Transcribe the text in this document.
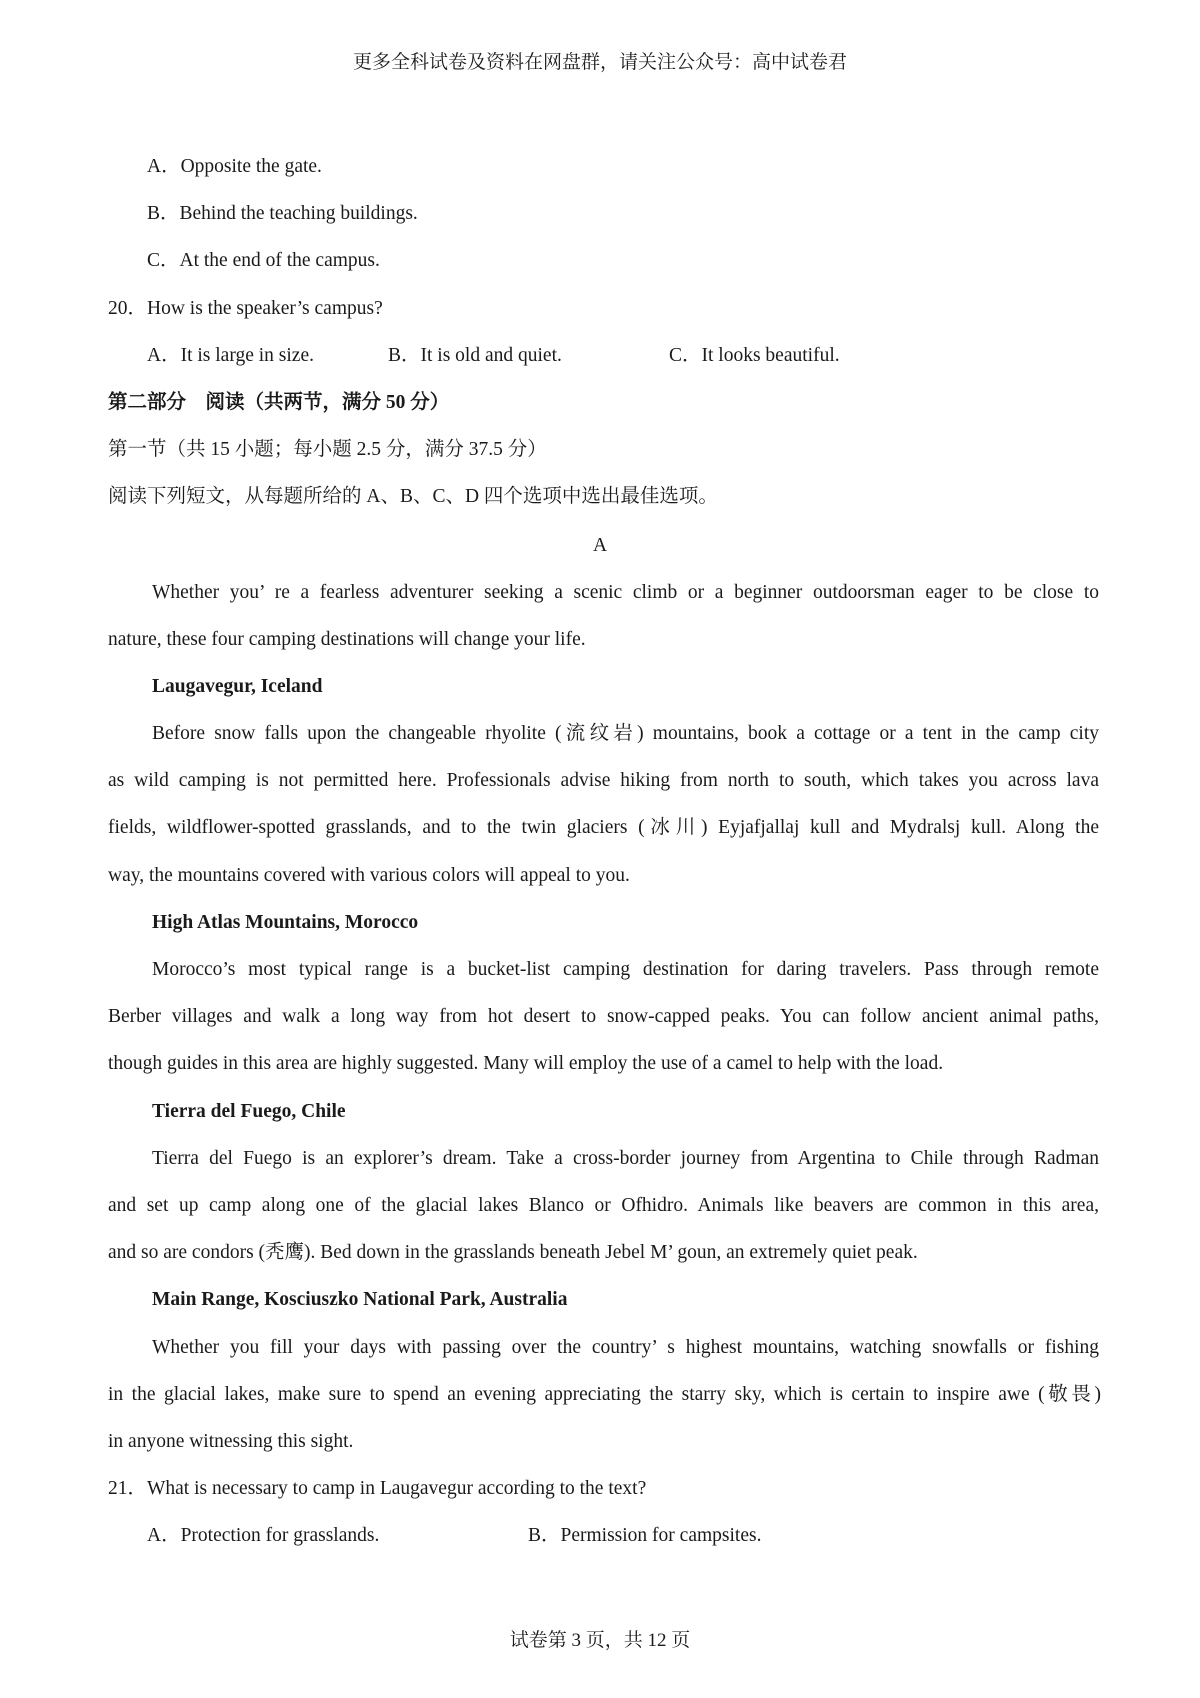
更多全科试卷及资料在网盘群，请关注公众号：高中试卷君
A．Opposite the gate.
B．Behind the teaching buildings.
C．At the end of the campus.
20．How is the speaker’s campus?
A．It is large in size.	B．It is old and quiet.	C．It looks beautiful.
第二部分　阅读（共两节，满分 50 分）
第一节（共 15 小题；每小题 2.5 分，满分 37.5 分）
阅读下列短文，从每题所给的 A、B、C、D 四个选项中选出最佳选项。
A
Whether you’ re a fearless adventurer seeking a scenic climb or a beginner outdoorsman eager to be close to
nature, these four camping destinations will change your life.
Laugavegur, Iceland
Before snow falls upon the changeable rhyolite (流纹岩) mountains, book a cottage or a tent in the camp city
as wild camping is not permitted here. Professionals advise hiking from north to south, which takes you across lava
fields, wildflower-spotted grasslands, and to the twin glaciers (冰川) Eyjafjallaj kull and Mydralsj kull. Along the
way, the mountains covered with various colors will appeal to you.
High Atlas Mountains, Morocco
Morocco’s most typical range is a bucket-list camping destination for daring travelers. Pass through remote
Berber villages and walk a long way from hot desert to snow-capped peaks. You can follow ancient animal paths,
though guides in this area are highly suggested. Many will employ the use of a camel to help with the load.
Tierra del Fuego, Chile
Tierra del Fuego is an explorer’s dream. Take a cross-border journey from Argentina to Chile through Radman
and set up camp along one of the glacial lakes Blanco or Ofhidro. Animals like beavers are common in this area,
and so are condors (秃鹰). Bed down in the grasslands beneath Jebel M’ goun, an extremely quiet peak.
Main Range, Kosciuszko National Park, Australia
Whether you fill your days with passing over the country’ s highest mountains, watching snowfalls or fishing
in the glacial lakes, make sure to spend an evening appreciating the starry sky, which is certain to inspire awe (敬畏)
in anyone witnessing this sight.
21．What is necessary to camp in Laugavegur according to the text?
A．Protection for grasslands.	B．Permission for campsites.
试卷第 3 页，共 12 页
